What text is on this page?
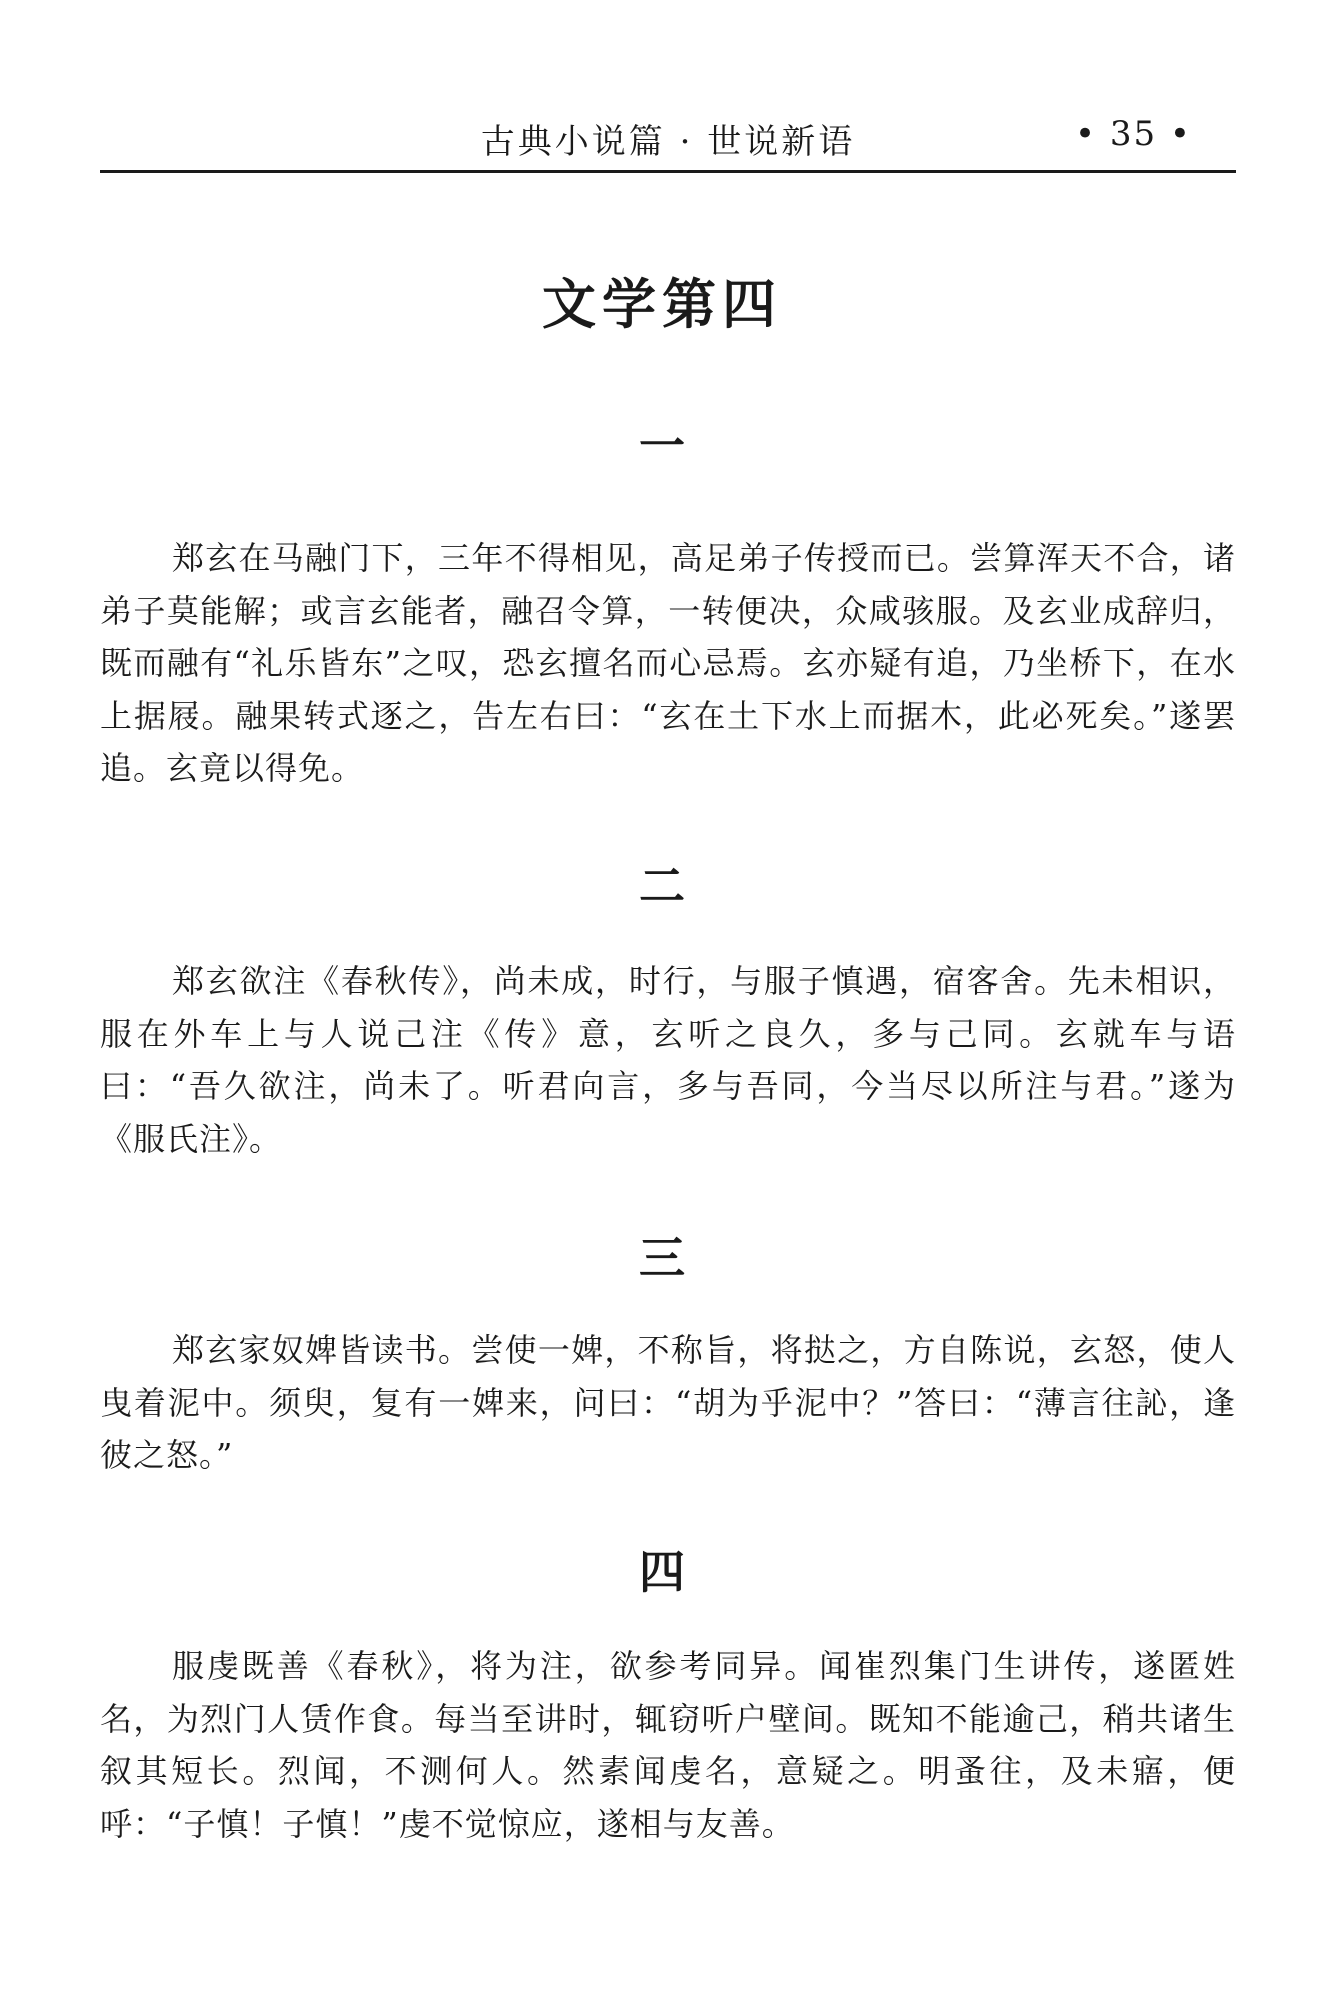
古典小说篇 · 世说新语	• 35 •
文学第四
一

郑玄在马融门下，三年不得相见，高足弟子传授而已。尝算浑天不合，诸弟子莫能解；或言玄能者，融召令算，一转便决，众咸骇服。及玄业成辞归，既而融有“礼乐皆东”之叹，恐玄擅名而心忌焉。玄亦疑有追，乃坐桥下，在水上据屐。融果转式逐之，告左右曰：“玄在土下水上而据木，此必死矣。”遂罢追。玄竟以得免。

二

郑玄欲注《春秋传》，尚未成，时行，与服子慎遇，宿客舍。先未相识，服在外车上与人说己注《传》意，玄听之良久，多与己同。玄就车与语曰：“吾久欲注，尚未了。听君向言，多与吾同，今当尽以所注与君。”遂为《服氏注》。

三

郑玄家奴婢皆读书。尝使一婢，不称旨，将挞之，方自陈说，玄怒，使人曳着泥中。须臾，复有一婢来，问曰：“胡为乎泥中？”答曰：“薄言往訫，逢彼之怒。”

四

服虔既善《春秋》，将为注，欲参考同异。闻崔烈集门生讲传，遂匿姓名，为烈门人赁作食。每当至讲时，辄窃听户壁间。既知不能逾己，稍共诸生叙其短长。烈闻，不测何人。然素闻虔名，意疑之。明蚤往，及未寤，便呼：“子慎！子慎！”虔不觉惊应，遂相与友善。
